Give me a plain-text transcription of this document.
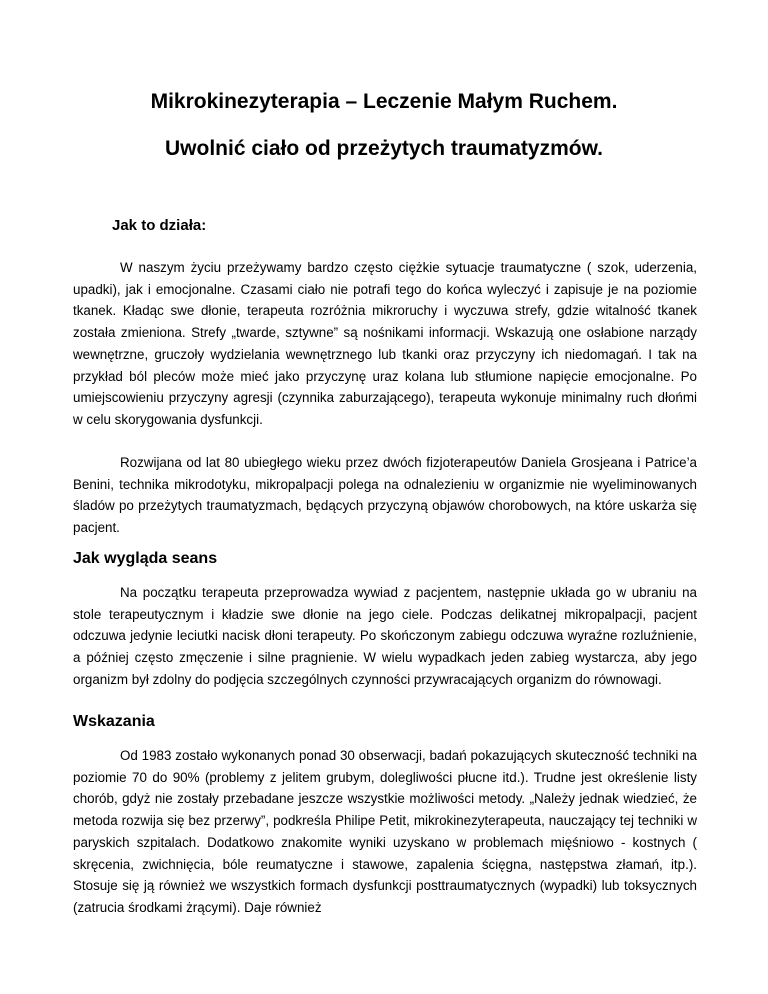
Mikrokinezyterapia – Leczenie Małym Ruchem.
Uwolnić ciało od przeżytych traumatyzmów.
Jak to działa:

W naszym życiu przeżywamy bardzo często ciężkie sytuacje traumatyczne ( szok, uderzenia, upadki), jak i emocjonalne. Czasami ciało nie potrafi tego do końca wyleczyć i zapisuje je na poziomie tkanek. Kładąc swe dłonie, terapeuta rozróżnia mikroruchy i wyczuwa strefy, gdzie witalność tkanek została zmieniona. Strefy „twarde, sztywne” są nośnikami informacji. Wskazują one osłabione narządy wewnętrzne, gruczoły wydzielania wewnętrznego lub tkanki oraz przyczyny ich niedomagań. I tak na przykład ból pleców może mieć jako przyczynę uraz kolana lub stłumione napięcie emocjonalne. Po umiejscowieniu przyczyny agresji (czynnika zaburzającego), terapeuta wykonuje minimalny ruch dłońmi w celu skorygowania dysfunkcji.

Rozwijana od lat 80 ubiegłego wieku przez dwóch fizjoterapeutów Daniela Grosjeana i Patrice’a Benini, technika mikrodotyku, mikropalpacji polega na odnalezieniu w organizmie nie wyeliminowanych śladów po przeżytych traumatyzmach, będących przyczyną objawów chorobowych, na które uskarża się pacjent.

Jak wygląda seans

Na początku terapeuta przeprowadza wywiad z pacjentem, następnie układa go w ubraniu na stole terapeutycznym i kładzie swe dłonie na jego ciele. Podczas delikatnej mikropalpacji, pacjent odczuwa jedynie leciutki nacisk dłoni terapeuty. Po skończonym zabiegu odczuwa wyraźne rozluźnienie, a później często zmęczenie i silne pragnienie. W wielu wypadkach jeden zabieg wystarcza, aby jego organizm był zdolny do podjęcia szczególnych czynności przywracających organizm do równowagi.

Wskazania

Od 1983 zostało wykonanych ponad 30 obserwacji, badań pokazujących skuteczność techniki na poziomie 70 do 90% (problemy z jelitem grubym, dolegliwości płucne itd.). Trudne jest określenie listy chorób, gdyż nie zostały przebadane jeszcze wszystkie możliwości metody. „Należy jednak wiedzieć, że metoda rozwija się bez przerwy”, podkreśla Philipe Petit, mikrokinezyterapeuta, nauczający tej techniki w paryskich szpitalach. Dodatkowo znakomite wyniki uzyskano w problemach mięśniowo - kostnych ( skręcenia, zwichnięcia, bóle reumatyczne i stawowe, zapalenia ścięgna, następstwa złamań, itp.). Stosuje się ją również we wszystkich formach dysfunkcji posttraumatycznych (wypadki) lub toksycznych (zatrucia środkami żrącymi). Daje również
